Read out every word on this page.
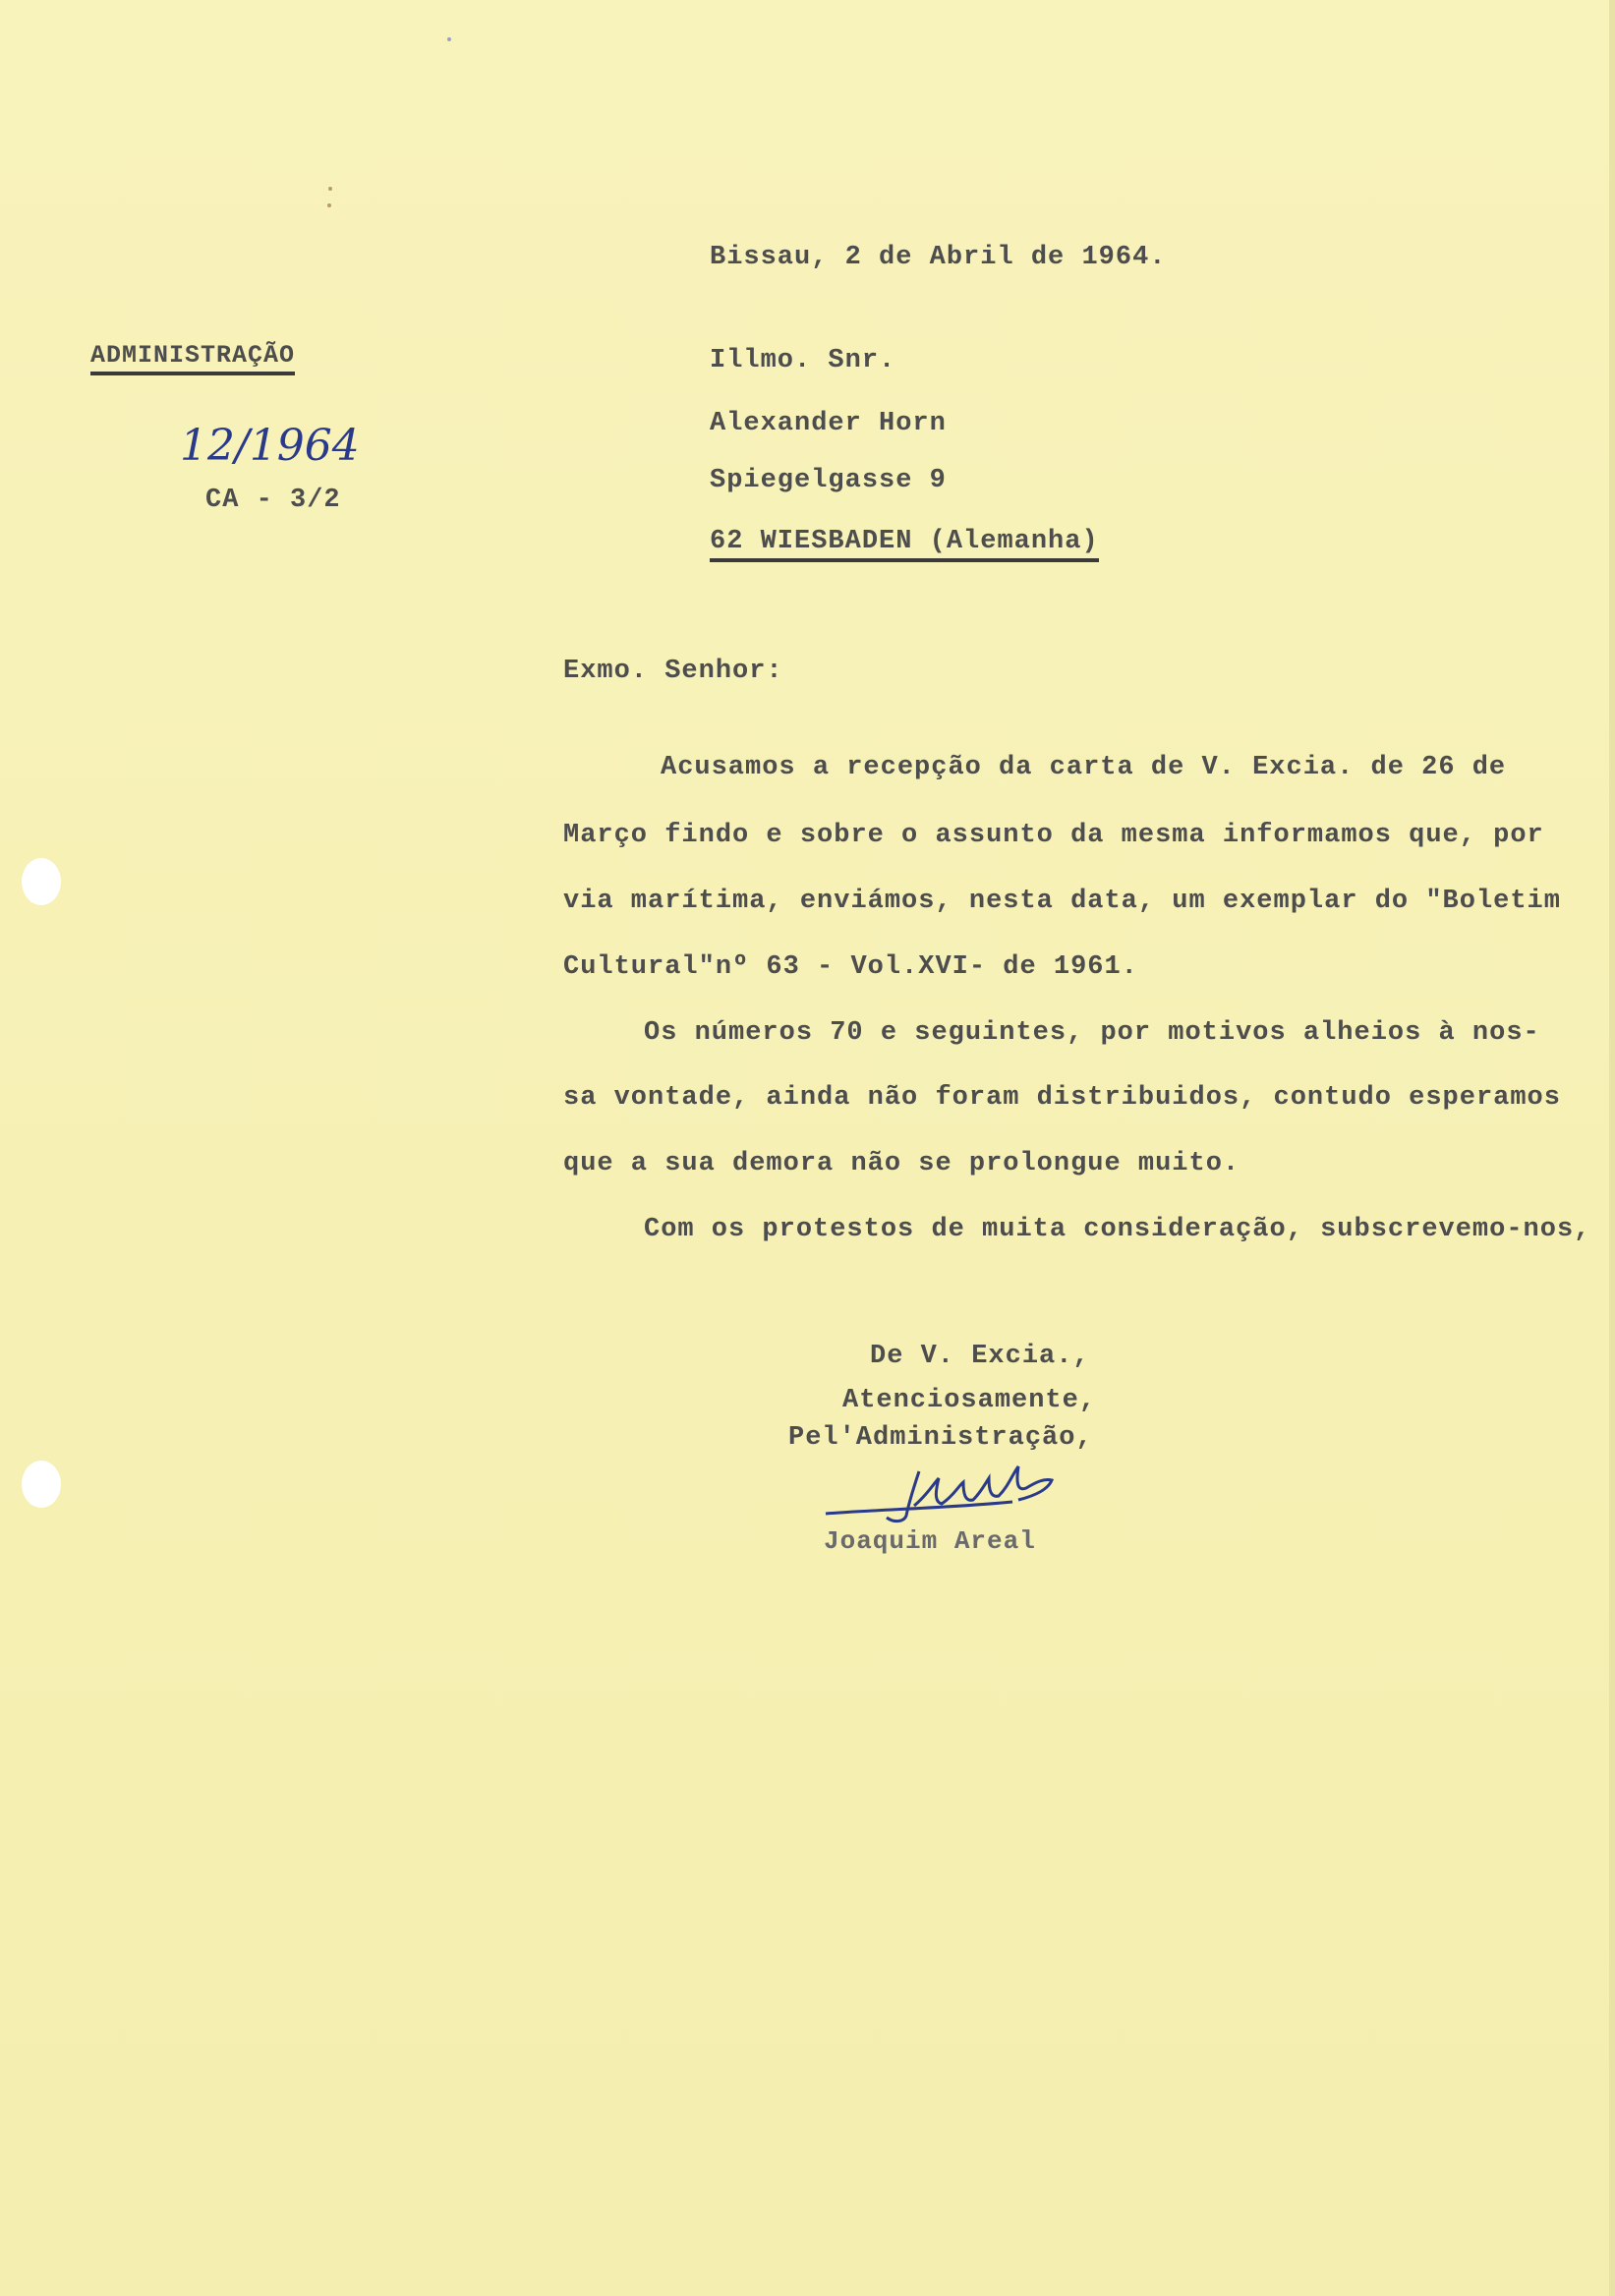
Bissau, 2 de Abril de 1964.
ADMINISTRAÇÃO
12/1964
CA - 3/2
Illmo. Snr.
Alexander Horn
Spiegelgasse 9
62 WIESBADEN (Alemanha)
Exmo. Senhor:
Acusamos a recepção da carta de V. Excia. de 26 de
Março findo e sobre o assunto da mesma informamos que, por
via marítima, enviámos, nesta data, um exemplar do "Boletim
Cultural"nº 63 - Vol.XVI- de 1961.
Os números 70 e seguintes, por motivos alheios à nos-
sa vontade, ainda não foram distribuidos, contudo esperamos
que a sua demora não se prolongue muito.
Com os protestos de muita consideração, subscrevemo-nos,
De V. Excia.,
Atenciosamente,
Pel'Administração,
Joaquim Areal
